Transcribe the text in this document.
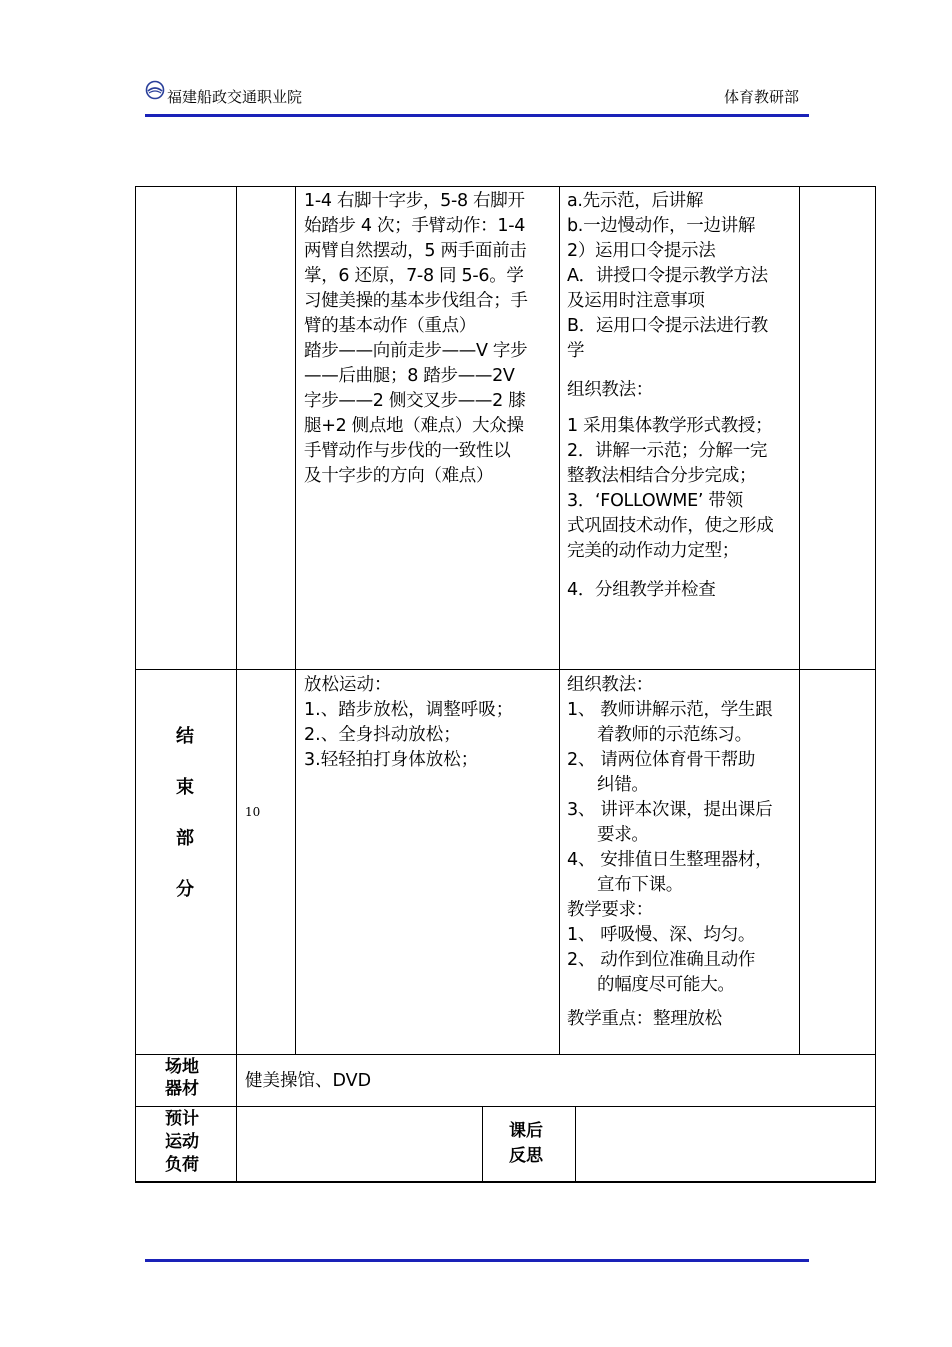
福建船政交通职业院	体育教研部

1-4 右脚十字步，5-8 右脚开

始踏步 4 次；手臂动作：1-4

两臂自然摆动，5 两手面前击

掌，6 还原，7-8 同 5-6。学

习健美操的基本步伐组合；手

臂的基本动作（重点）

踏步——向前走步——V 字步

——后曲腿；8 踏步——2V

字步——2 侧交叉步——2 膝

腿+2 侧点地（难点）大众操

手臂动作与步伐的一致性以

及十字步的方向（难点）

a.先示范，后讲解

b.一边慢动作，一边讲解

2）运用口令提示法

A．讲授口令提示教学方法

及运用时注意事项

B．运用口令提示法进行教

学

组织教法：

1 采用集体教学形式教授；

2．讲解一示范；分解一完

整教法相结合分步完成；

3．‘FOLLOWME’ 带领

式巩固技术动作，使之形成

完美的动作动力定型；

4．分组教学并检查

结
束
部
分
10

放松运动：

1.、踏步放松，调整呼吸；

2.、全身抖动放松；

3.轻轻拍打身体放松；

组织教法：

1、 教师讲解示范，学生跟

着教师的示范练习。

2、 请两位体育骨干帮助

纠错。

3、 讲评本次课，提出课后

要求。

4、 安排值日生整理器材，

宣布下课。

教学要求：

1、 呼吸慢、深、均匀。

2、 动作到位准确且动作

的幅度尽可能大。

教学重点：整理放松

场地

器材	健美操馆、DVD

预计

运动

负荷

课后

反思
